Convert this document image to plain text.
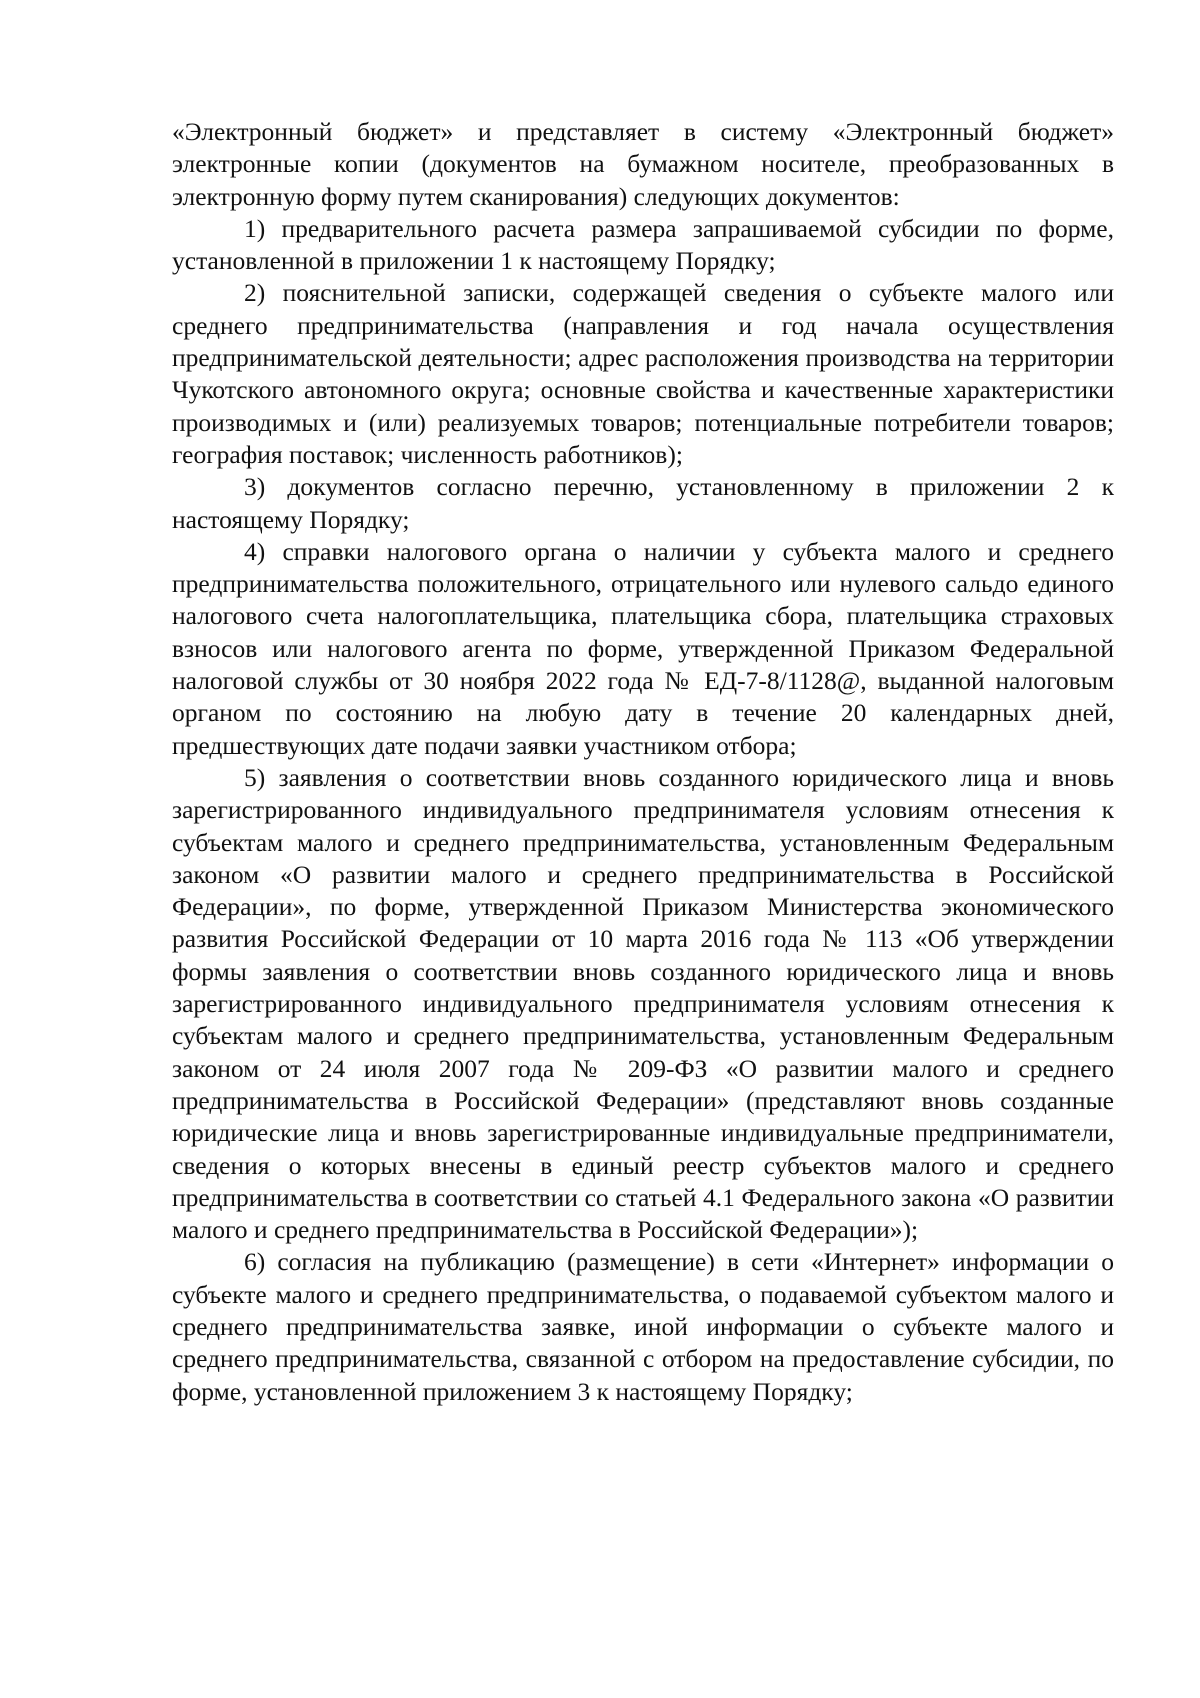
«Электронный бюджет» и представляет в систему «Электронный бюджет» электронные копии (документов на бумажном носителе, преобразованных в электронную форму путем сканирования) следующих документов:

1) предварительного расчета размера запрашиваемой субсидии по форме, установленной в приложении 1 к настоящему Порядку;

2) пояснительной записки, содержащей сведения о субъекте малого или среднего предпринимательства (направления и год начала осуществления предпринимательской деятельности; адрес расположения производства на территории Чукотского автономного округа; основные свойства и качественные характеристики производимых и (или) реализуемых товаров; потенциальные потребители товаров; география поставок; численность работников);

3) документов согласно перечню, установленному в приложении 2 к настоящему Порядку;

4) справки налогового органа о наличии у субъекта малого и среднего предпринимательства положительного, отрицательного или нулевого сальдо единого налогового счета налогоплательщика, плательщика сбора, плательщика страховых взносов или налогового агента по форме, утвержденной Приказом Федеральной налоговой службы от 30 ноября 2022 года № ЕД-7-8/1128@, выданной налоговым органом по состоянию на любую дату в течение 20 календарных дней, предшествующих дате подачи заявки участником отбора;

5) заявления о соответствии вновь созданного юридического лица и вновь зарегистрированного индивидуального предпринимателя условиям отнесения к субъектам малого и среднего предпринимательства, установленным Федеральным законом «О развитии малого и среднего предпринимательства в Российской Федерации», по форме, утвержденной Приказом Министерства экономического развития Российской Федерации от 10 марта 2016 года № 113 «Об утверждении формы заявления о соответствии вновь созданного юридического лица и вновь зарегистрированного индивидуального предпринимателя условиям отнесения к субъектам малого и среднего предпринимательства, установленным Федеральным законом от 24 июля 2007 года № 209-ФЗ «О развитии малого и среднего предпринимательства в Российской Федерации» (представляют вновь созданные юридические лица и вновь зарегистрированные индивидуальные предприниматели, сведения о которых внесены в единый реестр субъектов малого и среднего предпринимательства в соответствии со статьей 4.1 Федерального закона «О развитии малого и среднего предпринимательства в Российской Федерации»);

6) согласия на публикацию (размещение) в сети «Интернет» информации о субъекте малого и среднего предпринимательства, о подаваемой субъектом малого и среднего предпринимательства заявке, иной информации о субъекте малого и среднего предпринимательства, связанной с отбором на предоставление субсидии, по форме, установленной приложением 3 к настоящему Порядку;
